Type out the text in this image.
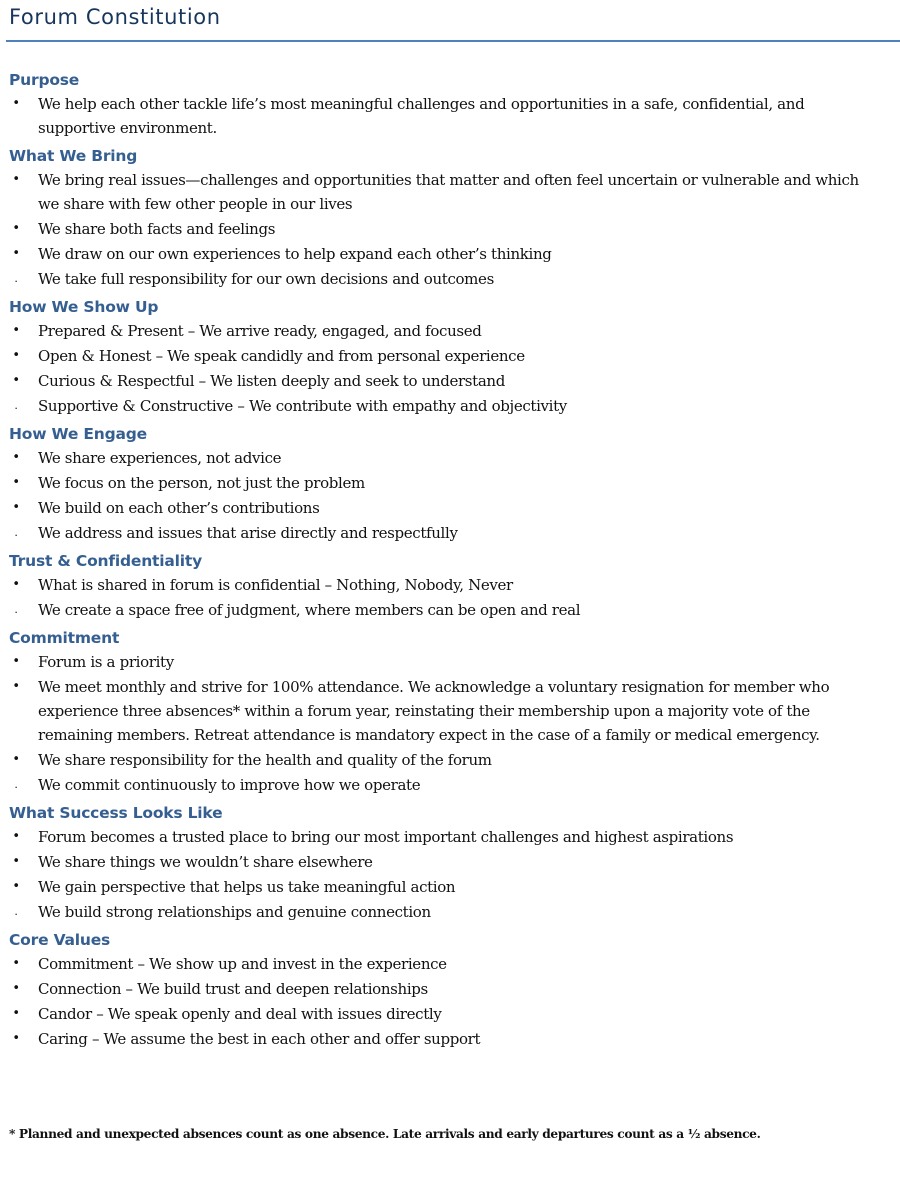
Forum Constitution
Purpose
• We help each other tackle life’s most meaningful challenges and opportunities in a safe, confidential, and supportive environment.
What We Bring
• We bring real issues—challenges and opportunities that matter and often feel uncertain or vulnerable and which we share with few other people in our lives
• We share both facts and feelings
• We draw on our own experiences to help expand each other’s thinking
. We take full responsibility for our own decisions and outcomes
How We Show Up
• Prepared & Present – We arrive ready, engaged, and focused
• Open & Honest – We speak candidly and from personal experience
• Curious & Respectful – We listen deeply and seek to understand
. Supportive & Constructive – We contribute with empathy and objectivity
How We Engage
• We share experiences, not advice
• We focus on the person, not just the problem
• We build on each other’s contributions
. We address and issues that arise directly and respectfully
Trust & Confidentiality
• What is shared in forum is confidential – Nothing, Nobody, Never
. We create a space free of judgment, where members can be open and real
Commitment
• Forum is a priority
• We meet monthly and strive for 100% attendance. We acknowledge a voluntary resignation for member who experience three absences* within a forum year, reinstating their membership upon a majority vote of the remaining members. Retreat attendance is mandatory expect in the case of a family or medical emergency.
• We share responsibility for the health and quality of the forum
. We commit continuously to improve how we operate
What Success Looks Like
• Forum becomes a trusted place to bring our most important challenges and highest aspirations
• We share things we wouldn’t share elsewhere
• We gain perspective that helps us take meaningful action
. We build strong relationships and genuine connection
Core Values
• Commitment – We show up and invest in the experience
• Connection – We build trust and deepen relationships
• Candor – We speak openly and deal with issues directly
• Caring – We assume the best in each other and offer support
* Planned and unexpected absences count as one absence. Late arrivals and early departures count as a ½ absence.
